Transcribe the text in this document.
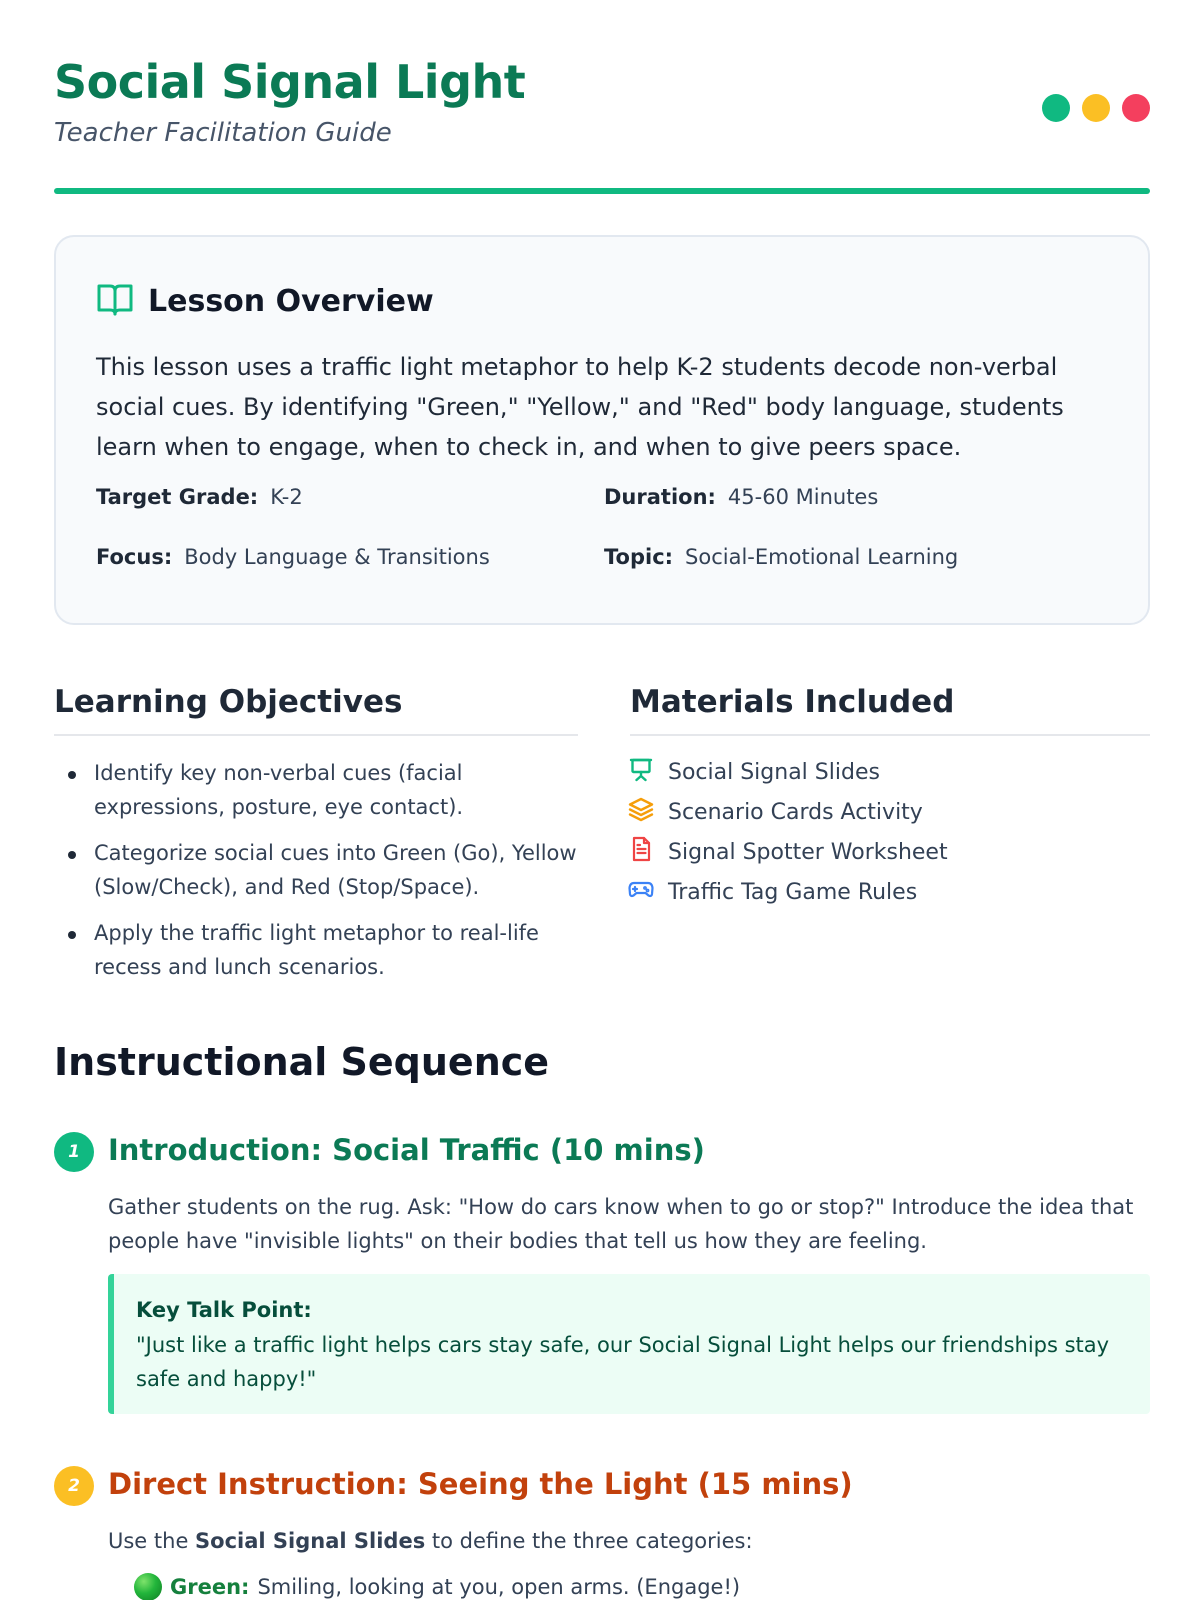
Social Signal Light
Teacher Facilitation Guide
Lesson Overview

This lesson uses a traffic light metaphor to help K-2 students decode non-verbal social cues. By identifying "Green," "Yellow," and "Red" body language, students learn when to engage, when to check in, and when to give peers space.

Target Grade: K-2	Duration: 45-60 Minutes
Focus: Body Language & Transitions	Topic: Social-Emotional Learning
Learning Objectives
Identify key non-verbal cues (facial expressions, posture, eye contact).
Categorize social cues into Green (Go), Yellow (Slow/Check), and Red (Stop/Space).
Apply the traffic light metaphor to real-life recess and lunch scenarios.
Materials Included
Social Signal Slides
Scenario Cards Activity
Signal Spotter Worksheet
Traffic Tag Game Rules
Instructional Sequence
1 Introduction: Social Traffic (10 mins)

Gather students on the rug. Ask: "How do cars know when to go or stop?" Introduce the idea that people have "invisible lights" on their bodies that tell us how they are feeling.

Key Talk Point:
"Just like a traffic light helps cars stay safe, our Social Signal Light helps our friendships stay safe and happy!"
2 Direct Instruction: Seeing the Light (15 mins)

Use the Social Signal Slides to define the three categories:

Green: Smiling, looking at you, open arms. (Engage!)
